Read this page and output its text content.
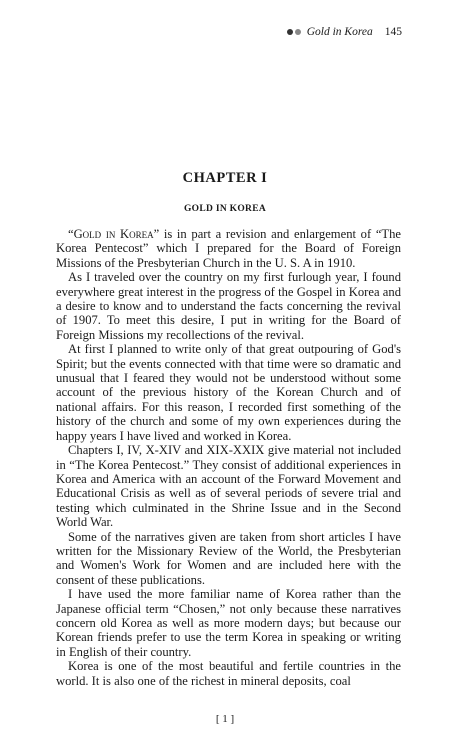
Gold in Korea 145
CHAPTER I
GOLD IN KOREA

“Gold in Korea” is in part a revision and enlargement of “The Korea Pentecost” which I prepared for the Board of Foreign Missions of the Presbyterian Church in the U. S. A in 1910.

As I traveled over the country on my first furlough year, I found everywhere great interest in the progress of the Gospel in Korea and a desire to know and to understand the facts concerning the revival of 1907. To meet this desire, I put in writing for the Board of Foreign Missions my recollections of the revival.

At first I planned to write only of that great outpouring of God's Spirit; but the events connected with that time were so dramatic and unusual that I feared they would not be understood without some account of the previous history of the Korean Church and of national affairs. For this reason, I recorded first something of the history of the church and some of my own experiences during the happy years I have lived and worked in Korea.

Chapters I, IV, X-XIV and XIX-XXIX give material not included in “The Korea Pentecost.” They consist of additional experiences in Korea and America with an account of the Forward Movement and Educational Crisis as well as of several periods of severe trial and testing which culminated in the Shrine Issue and in the Second World War.

Some of the narratives given are taken from short articles I have written for the Missionary Review of the World, the Presbyterian and Women's Work for Women and are included here with the consent of these publications.

I have used the more familiar name of Korea rather than the Japanese official term “Chosen,” not only because these narratives concern old Korea as well as more modern days; but because our Korean friends prefer to use the term Korea in speaking or writing in English of their country.

Korea is one of the most beautiful and fertile countries in the world. It is also one of the richest in mineral deposits, coal

[ 1 ]
